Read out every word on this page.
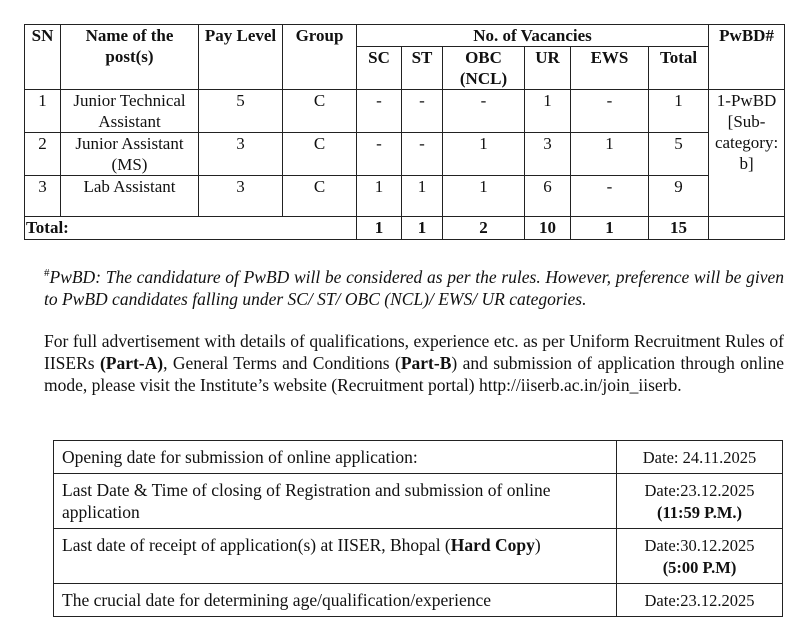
SN	Name of the post(s)	Pay Level	Group	No. of Vacancies						PwBD#
				SC	ST	OBC (NCL)	UR	EWS	Total	
1	Junior Technical Assistant	5	C	-	-	-	1	-	1	1-PwBD [Sub-category: b]
2	Junior Assistant (MS)	3	C	-	-	1	3	1	5	
3	Lab Assistant	3	C	1	1	1	6	-	9	
Total:				1	1	2	10	1	15	

#PwBD: The candidature of PwBD will be considered as per the rules. However, preference will be given to PwBD candidates falling under SC/ ST/ OBC (NCL)/ EWS/ UR categories.

For full advertisement with details of qualifications, experience etc. as per Uniform Recruitment Rules of IISERs (Part-A), General Terms and Conditions (Part-B) and submission of application through online mode, please visit the Institute’s website (Recruitment portal) http://iiserb.ac.in/join_iiserb.

Opening date for submission of online application:	Date: 24.11.2025

Last Date & Time of closing of Registration and submission of online application	Date:23.12.2025
(11:59 P.M.)

Last date of receipt of application(s) at IISER, Bhopal (Hard Copy)	Date:30.12.2025
(5:00 P.M)

The crucial date for determining age/qualification/experience	Date:23.12.2025
